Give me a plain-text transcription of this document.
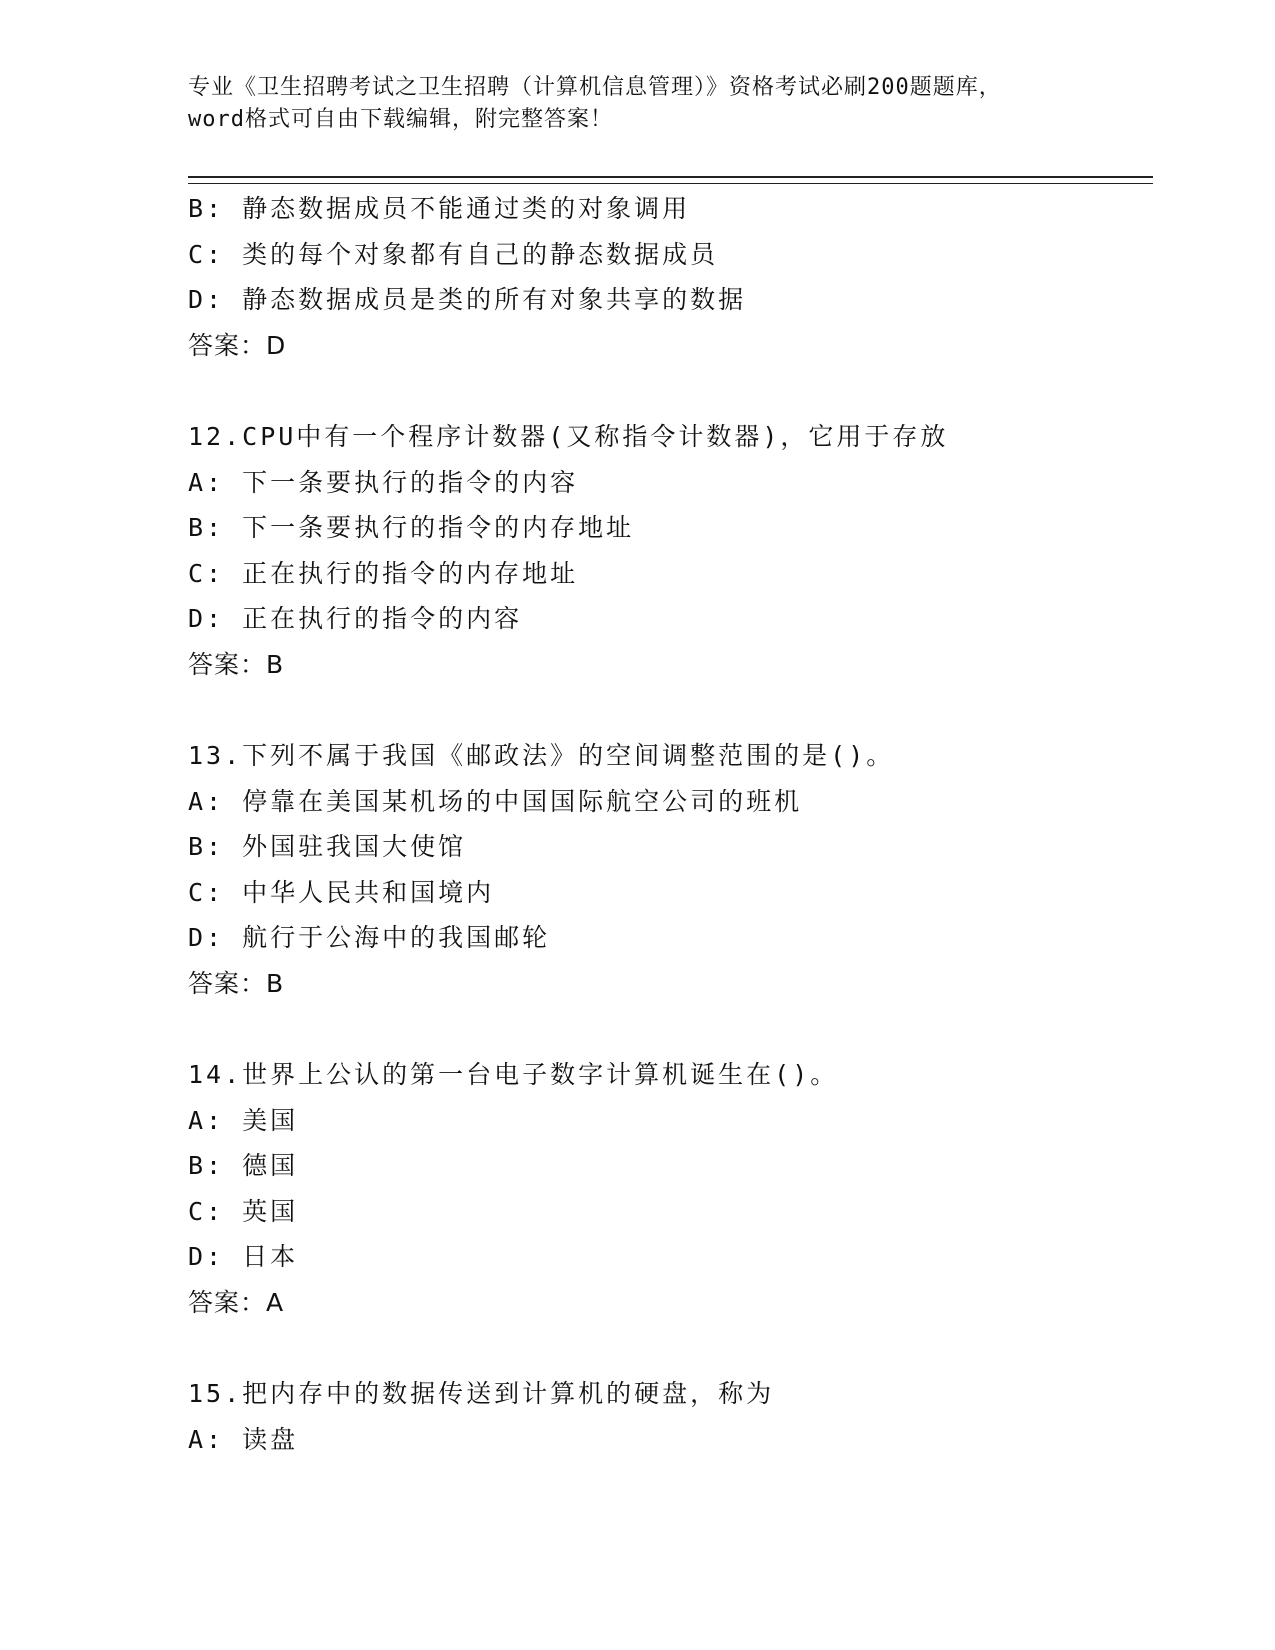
专业《卫生招聘考试之卫生招聘（计算机信息管理）》资格考试必刷200题题库，
word格式可自由下载编辑，附完整答案！
B: 静态数据成员不能通过类的对象调用
C: 类的每个对象都有自己的静态数据成员
D: 静态数据成员是类的所有对象共享的数据
答案：D
12.CPU中有一个程序计数器(又称指令计数器)，它用于存放
A: 下一条要执行的指令的内容
B: 下一条要执行的指令的内存地址
C: 正在执行的指令的内存地址
D: 正在执行的指令的内容
答案：B
13.下列不属于我国《邮政法》的空间调整范围的是()。
A: 停靠在美国某机场的中国国际航空公司的班机
B: 外国驻我国大使馆
C: 中华人民共和国境内
D: 航行于公海中的我国邮轮
答案：B
14.世界上公认的第一台电子数字计算机诞生在()。
A: 美国
B: 德国
C: 英国
D: 日本
答案：A
15.把内存中的数据传送到计算机的硬盘，称为
A: 读盘
